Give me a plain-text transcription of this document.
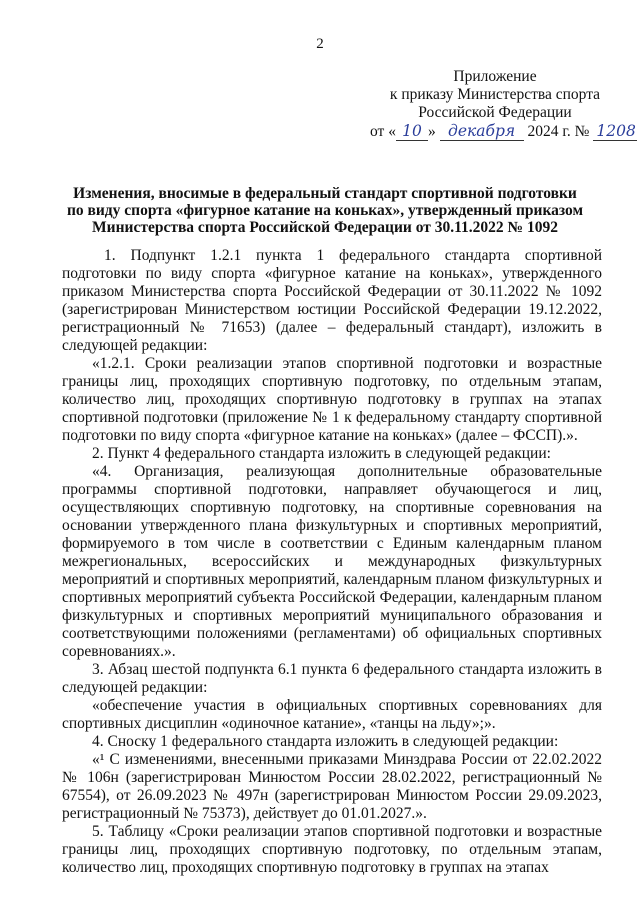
2
Приложение
к приказу Министерства спорта
Российской Федерации
от « 10 » декабря 2024 г. № 1208
Изменения, вносимые в федеральный стандарт спортивной подготовки
по виду спорта «фигурное катание на коньках», утвержденный приказом
Министерства спорта Российской Федерации от 30.11.2022 № 1092

1. Подпункт 1.2.1 пункта 1 федерального стандарта спортивной подготовки по виду спорта «фигурное катание на коньках», утвержденного приказом Министерства спорта Российской Федерации от 30.11.2022 № 1092 (зарегистрирован Министерством юстиции Российской Федерации 19.12.2022, регистрационный № 71653) (далее – федеральный стандарт), изложить в следующей редакции:

«1.2.1. Сроки реализации этапов спортивной подготовки и возрастные границы лиц, проходящих спортивную подготовку, по отдельным этапам, количество лиц, проходящих спортивную подготовку в группах на этапах спортивной подготовки (приложение № 1 к федеральному стандарту спортивной подготовки по виду спорта «фигурное катание на коньках» (далее – ФССП).».

2. Пункт 4 федерального стандарта изложить в следующей редакции:

«4. Организация, реализующая дополнительные образовательные программы спортивной подготовки, направляет обучающегося и лиц, осуществляющих спортивную подготовку, на спортивные соревнования на основании утвержденного плана физкультурных и спортивных мероприятий, формируемого в том числе в соответствии с Единым календарным планом межрегиональных, всероссийских и международных физкультурных мероприятий и спортивных мероприятий, календарным планом физкультурных и спортивных мероприятий субъекта Российской Федерации, календарным планом физкультурных и спортивных мероприятий муниципального образования и соответствующими положениями (регламентами) об официальных спортивных соревнованиях.».

3. Абзац шестой подпункта 6.1 пункта 6 федерального стандарта изложить в следующей редакции:

«обеспечение участия в официальных спортивных соревнованиях для спортивных дисциплин «одиночное катание», «танцы на льду»;».

4. Сноску 1 федерального стандарта изложить в следующей редакции:

«¹ С изменениями, внесенными приказами Минздрава России от 22.02.2022 № 106н (зарегистрирован Минюстом России 28.02.2022, регистрационный № 67554), от 26.09.2023 № 497н (зарегистрирован Минюстом России 29.09.2023, регистрационный № 75373), действует до 01.01.2027.».

5. Таблицу «Сроки реализации этапов спортивной подготовки и возрастные границы лиц, проходящих спортивную подготовку, по отдельным этапам, количество лиц, проходящих спортивную подготовку в группах на этапах
